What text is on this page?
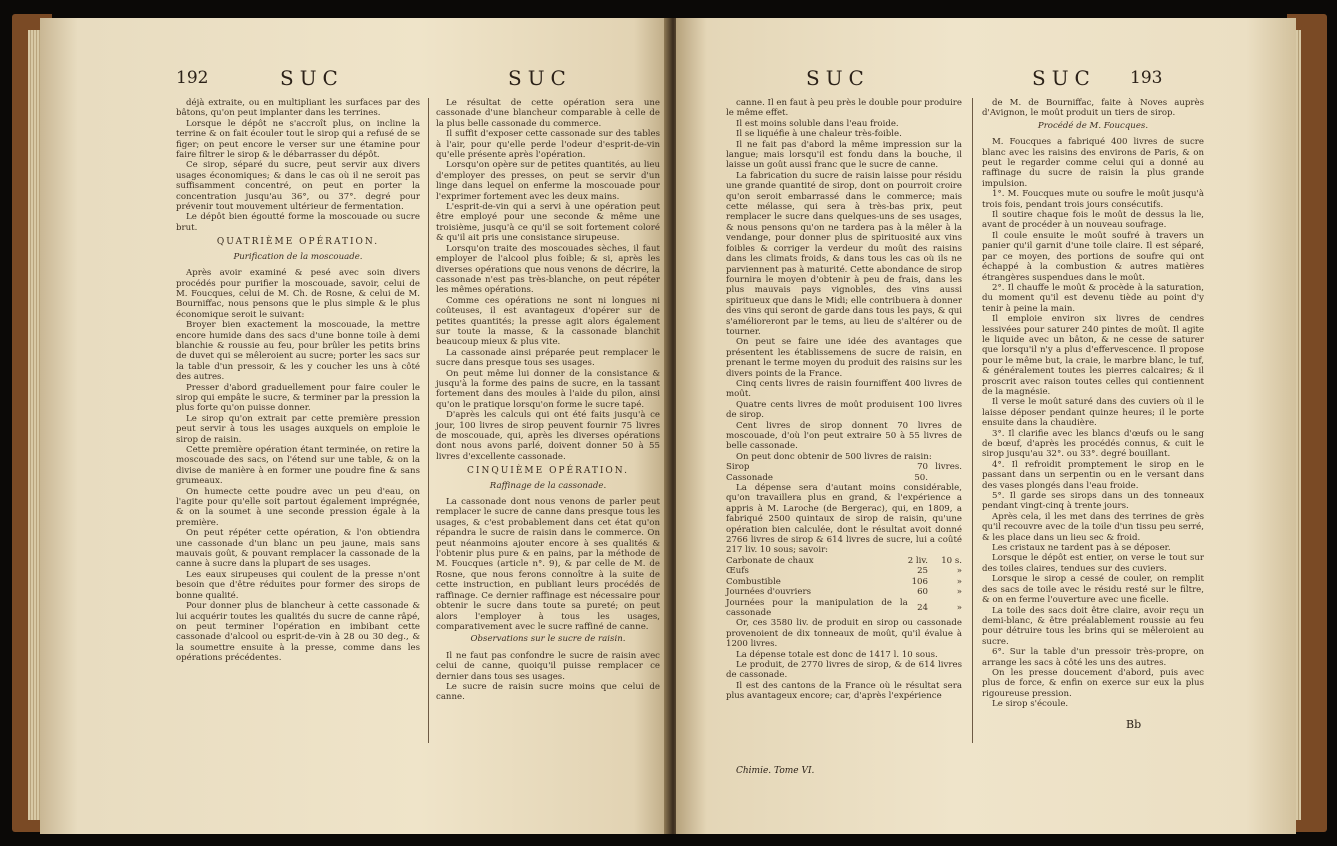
192	SUC	SUC

déjà extraite, ou en multipliant les surfaces par des bâtons, qu'on peut implanter dans les terrines.

Lorsque le dépôt ne s'accroît plus, on incline la terrine & on fait écouler tout le sirop qui a refusé de se figer; on peut encore le verser sur une étamine pour faire filtrer le sirop & le débarrasser du dépôt.

Ce sirop, séparé du sucre, peut servir aux divers usages économiques; & dans le cas où il ne seroit pas suffisamment concentré, on peut en porter la concentration jusqu'au 36°, ou 37°. degré pour prévenir tout mouvement ultérieur de fermentation.

Le dépôt bien égoutté forme la moscouade ou sucre brut.

QUATRIÈME OPÉRATION.

Purification de la moscouade.

Après avoir examiné & pesé avec soin divers procédés pour purifier la moscouade, savoir, celui de M. Foucques, celui de M. Ch. de Rosne, & celui de M. Bourniffac, nous pensons que le plus simple & le plus économique seroit le suivant:

Broyer bien exactement la moscouade, la mettre encore humide dans des sacs d'une bonne toile à demi blanchie & roussie au feu, pour brûler les petits brins de duvet qui se mêleroient au sucre; porter les sacs sur la table d'un pressoir, & les y coucher les uns à côté des autres.

Presser d'abord graduellement pour faire couler le sirop qui empâte le sucre, & terminer par la pression la plus forte qu'on puisse donner.

Le sirop qu'on extrait par cette première pression peut servir à tous les usages auxquels on emploie le sirop de raisin.

Cette première opération étant terminée, on retire la moscouade des sacs, on l'étend sur une table, & on la divise de manière à en former une poudre fine & sans grumeaux.

On humecte cette poudre avec un peu d'eau, on l'agite pour qu'elle soit partout également imprégnée, & on la soumet à une seconde pression égale à la première.

On peut répéter cette opération, & l'on obtiendra une cassonade d'un blanc un peu jaune, mais sans mauvais goût, & pouvant remplacer la cassonade de la canne à sucre dans la plupart de ses usages.

Les eaux sirupeuses qui coulent de la presse n'ont besoin que d'être réduites pour former des sirops de bonne qualité.

Pour donner plus de blancheur à cette cassonade & lui acquérir toutes les qualités du sucre de canne râpé, on peut terminer l'opération en imbibant cette cassonade d'alcool ou esprit-de-vin à 28 ou 30 deg., & la soumettre ensuite à la presse, comme dans les opérations précédentes.

Le résultat de cette opération sera une cassonade d'une blancheur comparable à celle de la plus belle cassonade du commerce.

Il suffit d'exposer cette cassonade sur des tables à l'air, pour qu'elle perde l'odeur d'esprit-de-vin qu'elle présente après l'opération.

Lorsqu'on opère sur de petites quantités, au lieu d'employer des presses, on peut se servir d'un linge dans lequel on enferme la moscouade pour l'exprimer fortement avec les deux mains.

L'esprit-de-vin qui a servi à une opération peut être employé pour une seconde & même une troisième, jusqu'à ce qu'il se soit fortement coloré & qu'il ait pris une consistance sirupeuse.

Lorsqu'on traite des moscouades sèches, il faut employer de l'alcool plus foible; & si, après les diverses opérations que nous venons de décrire, la cassonade n'est pas très-blanche, on peut répéter les mêmes opérations.

Comme ces opérations ne sont ni longues ni coûteuses, il est avantageux d'opérer sur de petites quantités; la presse agit alors également sur toute la masse, & la cassonade blanchit beaucoup mieux & plus vite.

La cassonade ainsi préparée peut remplacer le sucre dans presque tous ses usages.

On peut même lui donner de la consistance & jusqu'à la forme des pains de sucre, en la tassant fortement dans des moules à l'aide du pilon, ainsi qu'on le pratique lorsqu'on forme le sucre tapé.

D'après les calculs qui ont été faits jusqu'à ce jour, 100 livres de sirop peuvent fournir 75 livres de moscouade, qui, après les diverses opérations dont nous avons parlé, doivent donner 50 à 55 livres d'excellente cassonade.

CINQUIÈME OPÉRATION.

Raffinage de la cassonade.

La cassonade dont nous venons de parler peut remplacer le sucre de canne dans presque tous les usages, & c'est probablement dans cet état qu'on répandra le sucre de raisin dans le commerce. On peut néanmoins ajouter encore à ses qualités & l'obtenir plus pure & en pains, par la méthode de M. Foucques (article n°. 9), & par celle de M. de Rosne, que nous ferons connoître à la suite de cette instruction, en publiant leurs procédés de raffinage. Ce dernier raffinage est nécessaire pour obtenir le sucre dans toute sa pureté; on peut alors l'employer à tous les usages, comparativement avec le sucre raffiné de canne.

Observations sur le sucre de raisin.

Il ne faut pas confondre le sucre de raisin avec celui de canne, quoiqu'il puisse remplacer ce dernier dans tous ses usages.

Le sucre de raisin sucre moins que celui de canne.

SUC	SUC 193

canne. Il en faut à peu près le double pour produire le même effet.

Il est moins soluble dans l'eau froide.

Il se liquéfie à une chaleur très-foible.

Il ne fait pas d'abord la même impression sur la langue; mais lorsqu'il est fondu dans la bouche, il laisse un goût aussi franc que le sucre de canne.

La fabrication du sucre de raisin laisse pour résidu une grande quantité de sirop, dont on pourroit croire qu'on seroit embarrassé dans le commerce; mais cette mélasse, qui sera à très-bas prix, peut remplacer le sucre dans quelques-uns de ses usages, & nous pensons qu'on ne tardera pas à la mêler à la vendange, pour donner plus de spirituosité aux vins foibles & corriger la verdeur du moût des raisins dans les climats froids, & dans tous les cas où ils ne parviennent pas à maturité. Cette abondance de sirop fournira le moyen d'obtenir à peu de frais, dans les plus mauvais pays vignobles, des vins aussi spiritueux que dans le Midi; elle contribuera à donner des vins qui seront de garde dans tous les pays, & qui s'amélioreront par le tems, au lieu de s'altérer ou de tourner.

On peut se faire une idée des avantages que présentent les établissemens de sucre de raisin, en prenant le terme moyen du produit des raisins sur les divers points de la France.

Cinq cents livres de raisin fourniffent 400 livres de moût.

Quatre cents livres de moût produisent 100 livres de sirop.

Cent livres de sirop donnent 70 livres de moscouade, d'où l'on peut extraire 50 à 55 livres de belle cassonade.

On peut donc obtenir de 500 livres de raisin:

Sirop	70	livres.
Cassonade	50.	

La dépense sera d'autant moins considérable, qu'on travaillera plus en grand, & l'expérience a appris à M. Laroche (de Bergerac), qui, en 1809, a fabriqué 2500 quintaux de sirop de raisin, qu'une opération bien calculée, dont le résultat avoit donné 2766 livres de sirop & 614 livres de sucre, lui a coûté 217 liv. 10 sous; savoir:

Carbonate de chaux	2 liv.	10 s.
Œufs	25	»
Combustible	106	»
Journées d'ouvriers	60	»
Journées pour la manipulation de la cassonade	24	»

Or, ces 3580 liv. de produit en sirop ou cassonade provenoient de dix tonneaux de moût, qu'il évalue à 1200 livres.

La dépense totale est donc de 1417 l. 10 sous.

Le produit, de 2770 livres de sirop, & de 614 livres de cassonade.

Il est des cantons de la France où le résultat sera plus avantageux encore; car, d'après l'expérience

de M. de Bourniffac, faite à Noves auprès d'Avignon, le moût produit un tiers de sirop.

Procédé de M. Foucques.

M. Foucques a fabriqué 400 livres de sucre blanc avec les raisins des environs de Paris, & on peut le regarder comme celui qui a donné au raffinage du sucre de raisin la plus grande impulsion.

1°. M. Foucques mute ou soufre le moût jusqu'à trois fois, pendant trois jours consécutifs.

Il soutire chaque fois le moût de dessus la lie, avant de procéder à un nouveau soufrage.

Il coule ensuite le moût soufré à travers un panier qu'il garnit d'une toile claire. Il est séparé, par ce moyen, des portions de soufre qui ont échappé à la combustion & autres matières étrangères suspendues dans le moût.

2°. Il chauffe le moût & procède à la saturation, du moment qu'il est devenu tiède au point d'y tenir à peine la main.

Il emploie environ six livres de cendres lessivées pour saturer 240 pintes de moût. Il agite le liquide avec un bâton, & ne cesse de saturer que lorsqu'il n'y a plus d'effervescence. Il propose pour le même but, la craie, le marbre blanc, le tuf, & généralement toutes les pierres calcaires; & il proscrit avec raison toutes celles qui contiennent de la magnésie.

Il verse le moût saturé dans des cuviers où il le laisse déposer pendant quinze heures; il le porte ensuite dans la chaudière.

3°. Il clarifie avec les blancs d'œufs ou le sang de bœuf, d'après les procédés connus, & cuit le sirop jusqu'au 32°. ou 33°. degré bouillant.

4°. Il refroidit promptement le sirop en le passant dans un serpentin ou en le versant dans des vases plongés dans l'eau froide.

5°. Il garde ses sirops dans un des tonneaux pendant vingt-cinq à trente jours.

Après cela, il les met dans des terrines de grès qu'il recouvre avec de la toile d'un tissu peu serré, & les place dans un lieu sec & froid.

Les cristaux ne tardent pas à se déposer.

Lorsque le dépôt est entier, on verse le tout sur des toiles claires, tendues sur des cuviers.

Lorsque le sirop a cessé de couler, on remplit des sacs de toile avec le résidu resté sur le filtre, & on en ferme l'ouverture avec une ficelle.

La toile des sacs doit être claire, avoir reçu un demi-blanc, & être préalablement roussie au feu pour détruire tous les brins qui se mêleroient au sucre.

6°. Sur la table d'un pressoir très-propre, on arrange les sacs à côté les uns des autres.

On les presse doucement d'abord, puis avec plus de force, & enfin on exerce sur eux la plus rigoureuse pression.

Le sirop s'écoule.

Chimie. Tome VI.
Bb
